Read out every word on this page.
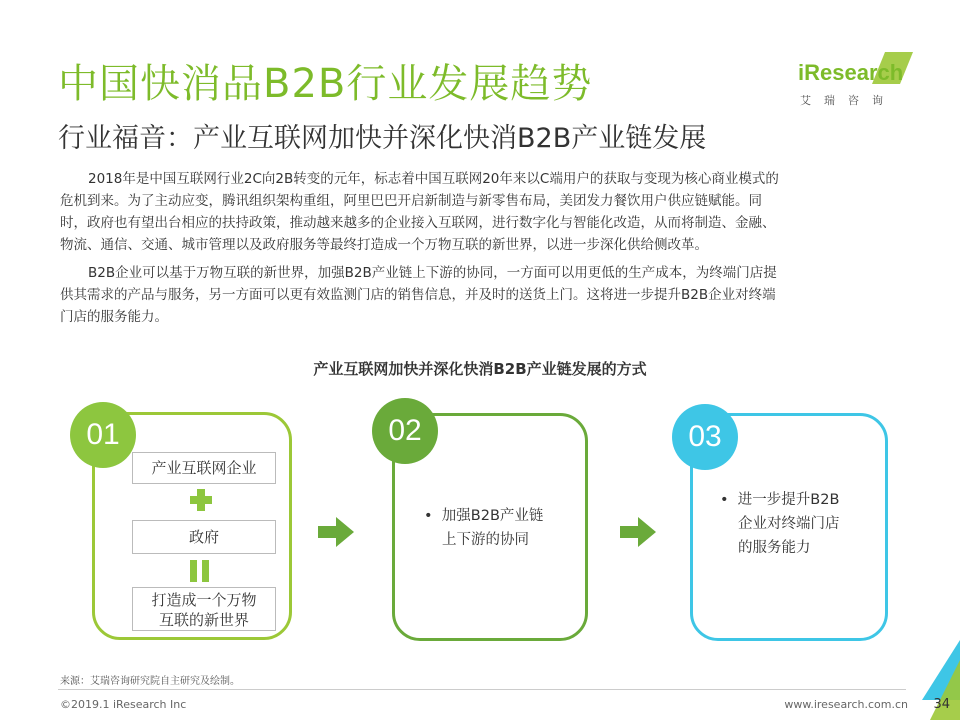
中国快消品B2B行业发展趋势
行业福音：产业互联网加快并深化快消B2B产业链发展
iResearch
艾瑞咨询
2018年是中国互联网行业2C向2B转变的元年，标志着中国互联网20年来以C端用户的获取与变现为核心商业模式的
危机到来。为了主动应变，腾讯组织架构重组，阿里巴巴开启新制造与新零售布局，美团发力餐饮用户供应链赋能。同
时，政府也有望出台相应的扶持政策，推动越来越多的企业接入互联网，进行数字化与智能化改造，从而将制造、金融、
物流、通信、交通、城市管理以及政府服务等最终打造成一个万物互联的新世界，以进一步深化供给侧改革。
B2B企业可以基于万物互联的新世界，加强B2B产业链上下游的协同，一方面可以用更低的生产成本，为终端门店提
供其需求的产品与服务，另一方面可以更有效监测门店的销售信息，并及时的送货上门。这将进一步提升B2B企业对终端
门店的服务能力。
产业互联网加快并深化快消B2B产业链发展的方式
01
产业互联网企业
政府
打造成一个万物
互联的新世界
02
• 加强B2B产业链
上下游的协同
03
• 进一步提升B2B
企业对终端门店
的服务能力
来源：艾瑞咨询研究院自主研究及绘制。
©2019.1 iResearch Inc	www.iresearch.com.cn 34
